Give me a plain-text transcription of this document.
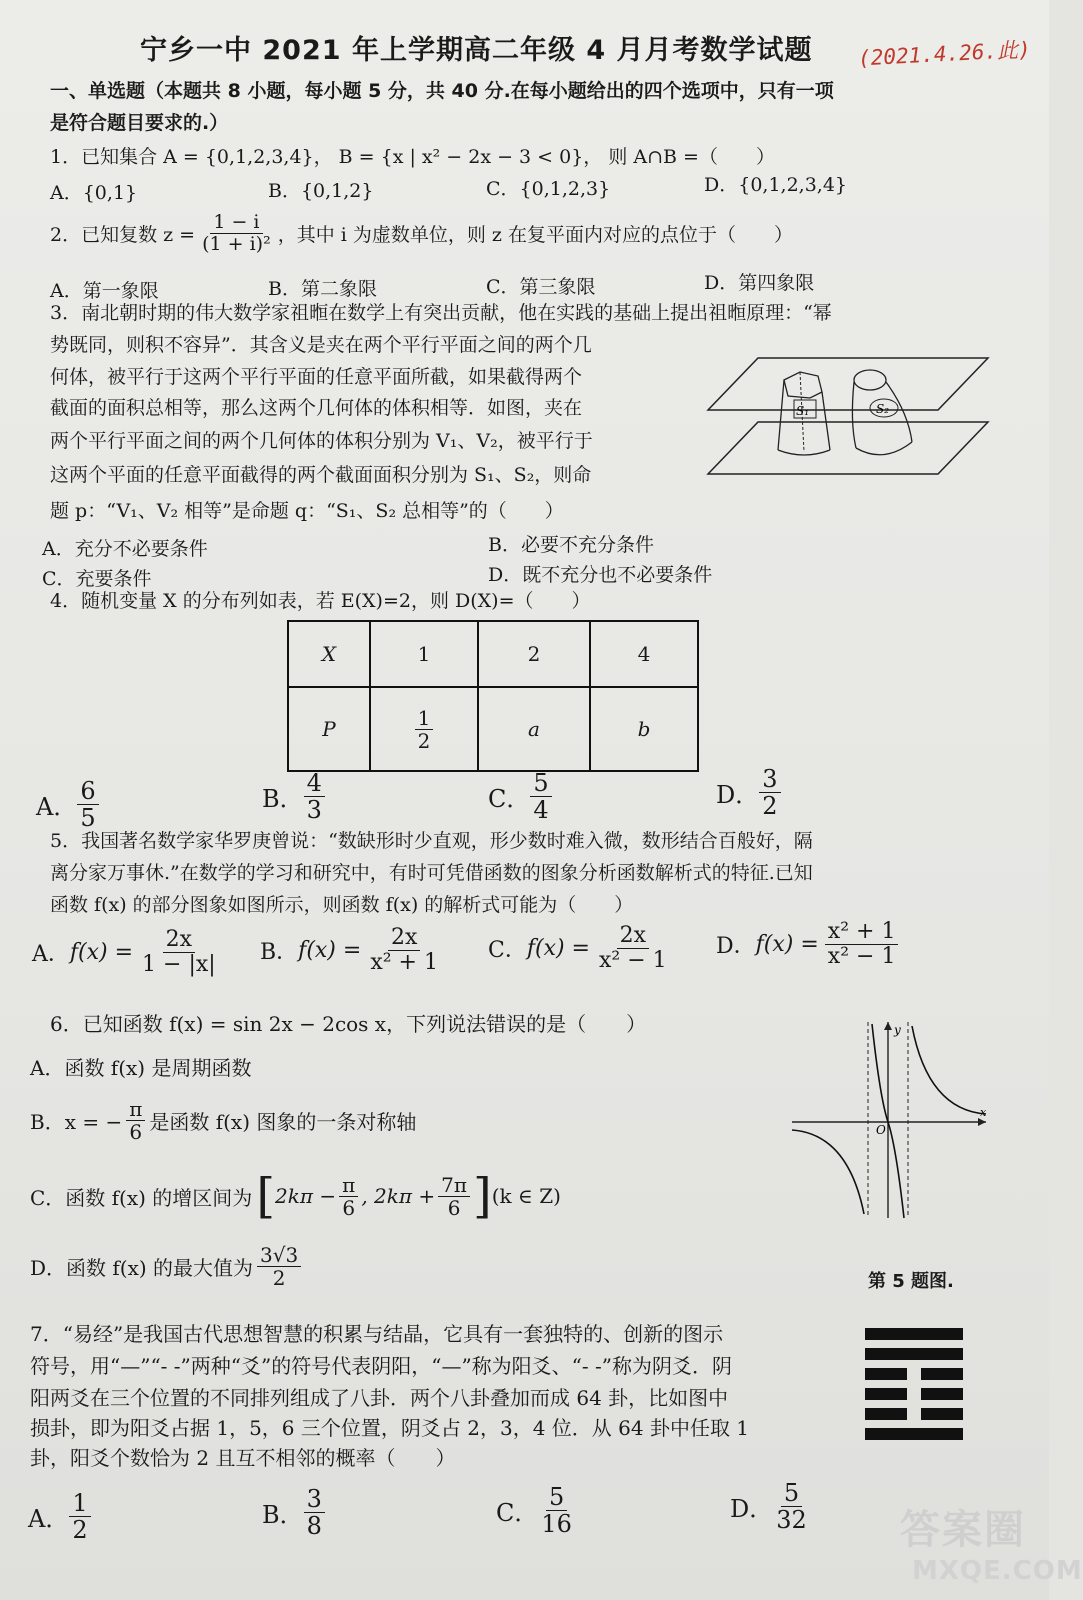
宁乡一中 2021 年上学期高二年级 4 月月考数学试题 (2021.4.26.此)
一、单选题（本题共 8 小题，每小题 5 分，共 40 分.在每小题给出的四个选项中，只有一项
是符合题目要求的.）
1．已知集合 A = {0,1,2,3,4}， B = {x | x² − 2x − 3 < 0}， 则 A∩B =（　　）
A．{0,1}	B．{0,1,2}	C．{0,1,2,3}	D．{0,1,2,3,4}
2．已知复数 $z = \frac{1 - i}{\text{(1 + i)²}}$ ，其中 i 为虚数单位，则 z 在复平面内对应的点位于（　　）
A．第一象限	B．第二象限	C．第三象限	D．第四象限
3．南北朝时期的伟大数学家祖暅在数学上有突出贡献，他在实践的基础上提出祖暅原理：“幂
势既同，则积不容异”．其含义是夹在两个平行平面之间的两个几
何体，被平行于这两个平行平面的任意平面所截，如果截得两个
截面的面积总相等，那么这两个几何体的体积相等．如图，夹在
两个平行平面之间的两个几何体的体积分别为 V₁、V₂，被平行于
这两个平面的任意平面截得的两个截面面积分别为 S₁、S₂，则命
题 p：“V₁、V₂ 相等”是命题 q：“S₁、S₂ 总相等”的（　　）
A．充分不必要条件	B．必要不充分条件
C．充要条件	D．既不充分也不必要条件
S₁	S₂
4．随机变量 X 的分布列如表，若 E(X)=2，则 D(X)=（　　）
X	1	2	4
P	$\frac{1}{2}$	a	b
A． $\frac{6}{5}$	B． $\frac{4}{3}$	C． $\frac{5}{4}$	D． $\frac{3}{2}$
5．我国著名数学家华罗庚曾说：“数缺形时少直观，形少数时难入微，数形结合百般好，隔
离分家万事休.”在数学的学习和研究中，有时可凭借函数的图象分析函数解析式的特征.已知
函数 f(x) 的部分图象如图所示，则函数 f(x) 的解析式可能为（　　）
A． $f(x) = \frac{2x}{1 - |x|}$ B． $f(x) = \frac{2x}{\text{x² + 1}}$ C． $f(x) = \frac{2x}{\text{x² − 1}}$ D． $f(x) = \frac{\text{x² + 1}}{\text{x² − 1}}$
y
O
x
第 5 题图.
6．已知函数 f(x) = sin 2x − 2cos x，下列说法错误的是（　　）
A．函数 f(x) 是周期函数
B．x = − $\frac{\pi}{6}$ 是函数 f(x) 图象的一条对称轴
C．函数 f(x) 的增区间为 [ $2k\pi - \frac{\pi}{6}$ , $2k\pi + \frac{7\pi}{6}$ ] (k ∈ Z)
D．函数 f(x) 的最大值为 $\frac{3√3}{2}$
7．“易经”是我国古代思想智慧的积累与结晶，它具有一套独特的、创新的图示
符号，用“—”“- -”两种“爻”的符号代表阴阳，“—”称为阳爻、“- -”称为阴爻．阴
阳两爻在三个位置的不同排列组成了八卦．两个八卦叠加而成 64 卦，比如图中
损卦，即为阳爻占据 1，5，6 三个位置，阴爻占 2，3，4 位．从 64 卦中任取 1
卦，阳爻个数恰为 2 且互不相邻的概率（　　）
A． $\frac{1}{2}$	B． $\frac{3}{8}$	C． $\frac{5}{16}$	D． $\frac{5}{32}$ 答案圈
MXQE.COM
